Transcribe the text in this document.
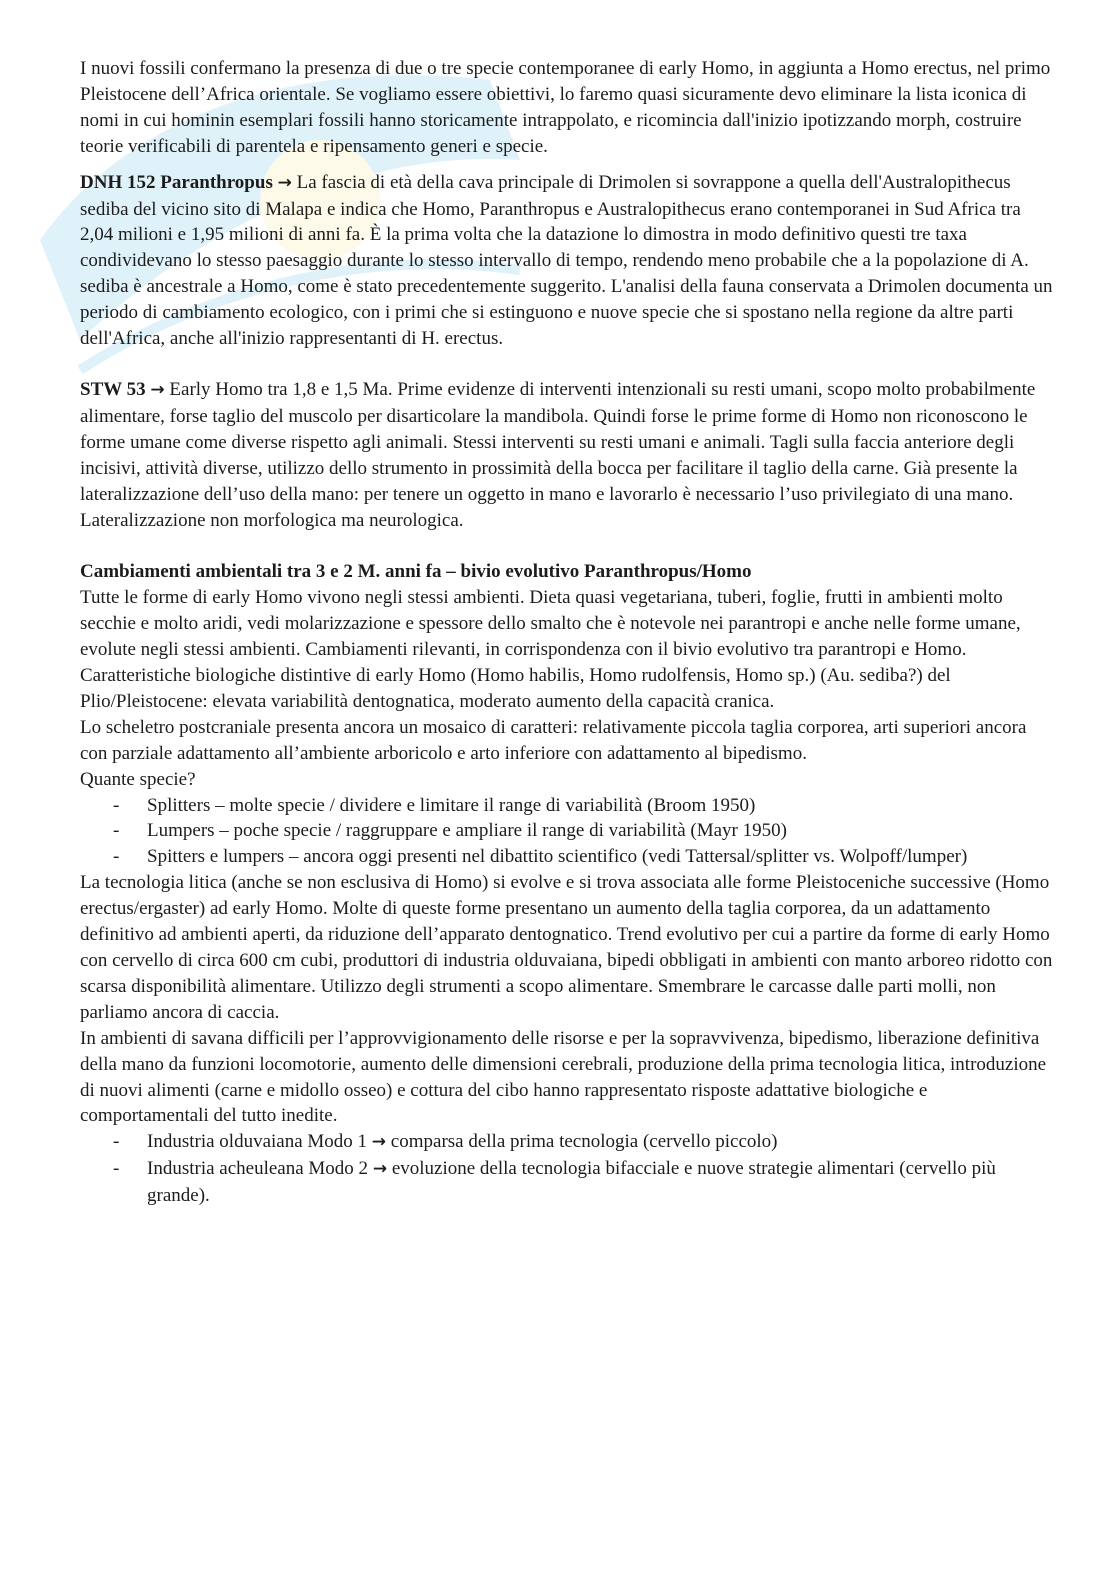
I nuovi fossili confermano la presenza di due o tre specie contemporanee di early Homo, in aggiunta a Homo erectus, nel primo Pleistocene dell’Africa orientale. Se vogliamo essere obiettivi, lo faremo quasi sicuramente devo eliminare la lista iconica di nomi in cui hominin esemplari fossili hanno storicamente intrappolato, e ricomincia dall'inizio ipotizzando morph, costruire teorie verificabili di parentela e ripensamento generi e specie.

DNH 152 Paranthropus → La fascia di età della cava principale di Drimolen si sovrappone a quella dell'Australopithecus sediba del vicino sito di Malapa e indica che Homo, Paranthropus e Australopithecus erano contemporanei in Sud Africa tra 2,04 milioni e 1,95 milioni di anni fa. È la prima volta che la datazione lo dimostra in modo definitivo questi tre taxa condividevano lo stesso paesaggio durante lo stesso intervallo di tempo, rendendo meno probabile che a la popolazione di A. sediba è ancestrale a Homo, come è stato precedentemente suggerito. L'analisi della fauna conservata a Drimolen documenta un periodo di cambiamento ecologico, con i primi che si estinguono e nuove specie che si spostano nella regione da altre parti dell'Africa, anche all'inizio rappresentanti di H. erectus.

STW 53 → Early Homo tra 1,8 e 1,5 Ma. Prime evidenze di interventi intenzionali su resti umani, scopo molto probabilmente alimentare, forse taglio del muscolo per disarticolare la mandibola. Quindi forse le prime forme di Homo non riconoscono le forme umane come diverse rispetto agli animali. Stessi interventi su resti umani e animali. Tagli sulla faccia anteriore degli incisivi, attività diverse, utilizzo dello strumento in prossimità della bocca per facilitare il taglio della carne. Già presente la lateralizzazione dell’uso della mano: per tenere un oggetto in mano e lavorarlo è necessario l’uso privilegiato di una mano. Lateralizzazione non morfologica ma neurologica.

Cambiamenti ambientali tra 3 e 2 M. anni fa – bivio evolutivo Paranthropus/Homo

Tutte le forme di early Homo vivono negli stessi ambienti. Dieta quasi vegetariana, tuberi, foglie, frutti in ambienti molto secchie e molto aridi, vedi molarizzazione e spessore dello smalto che è notevole nei parantropi e anche nelle forme umane, evolute negli stessi ambienti. Cambiamenti rilevanti, in corrispondenza con il bivio evolutivo tra parantropi e Homo.

Caratteristiche biologiche distintive di early Homo (Homo habilis, Homo rudolfensis, Homo sp.) (Au. sediba?) del Plio/Pleistocene: elevata variabilità dentognatica, moderato aumento della capacità cranica.

Lo scheletro postcraniale presenta ancora un mosaico di caratteri: relativamente piccola taglia corporea, arti superiori ancora con parziale adattamento all’ambiente arboricolo e arto inferiore con adattamento al bipedismo.

Quante specie?

- Splitters – molte specie / dividere e limitare il range di variabilità (Broom 1950)
- Lumpers – poche specie / raggruppare e ampliare il range di variabilità (Mayr 1950)
- Spitters e lumpers – ancora oggi presenti nel dibattito scientifico (vedi Tattersal/splitter vs. Wolpoff/lumper)

La tecnologia litica (anche se non esclusiva di Homo) si evolve e si trova associata alle forme Pleistoceniche successive (Homo erectus/ergaster) ad early Homo. Molte di queste forme presentano un aumento della taglia corporea, da un adattamento definitivo ad ambienti aperti, da riduzione dell’apparato dentognatico. Trend evolutivo per cui a partire da forme di early Homo con cervello di circa 600 cm cubi, produttori di industria olduvaiana, bipedi obbligati in ambienti con manto arboreo ridotto con scarsa disponibilità alimentare. Utilizzo degli strumenti a scopo alimentare. Smembrare le carcasse dalle parti molli, non parliamo ancora di caccia.

In ambienti di savana difficili per l’approvvigionamento delle risorse e per la sopravvivenza, bipedismo, liberazione definitiva della mano da funzioni locomotorie, aumento delle dimensioni cerebrali, produzione della prima tecnologia litica, introduzione di nuovi alimenti (carne e midollo osseo) e cottura del cibo hanno rappresentato risposte adattative biologiche e comportamentali del tutto inedite.

- Industria olduvaiana Modo 1 → comparsa della prima tecnologia (cervello piccolo)
- Industria acheuleana Modo 2 → evoluzione della tecnologia bifacciale e nuove strategie alimentari (cervello più grande).
